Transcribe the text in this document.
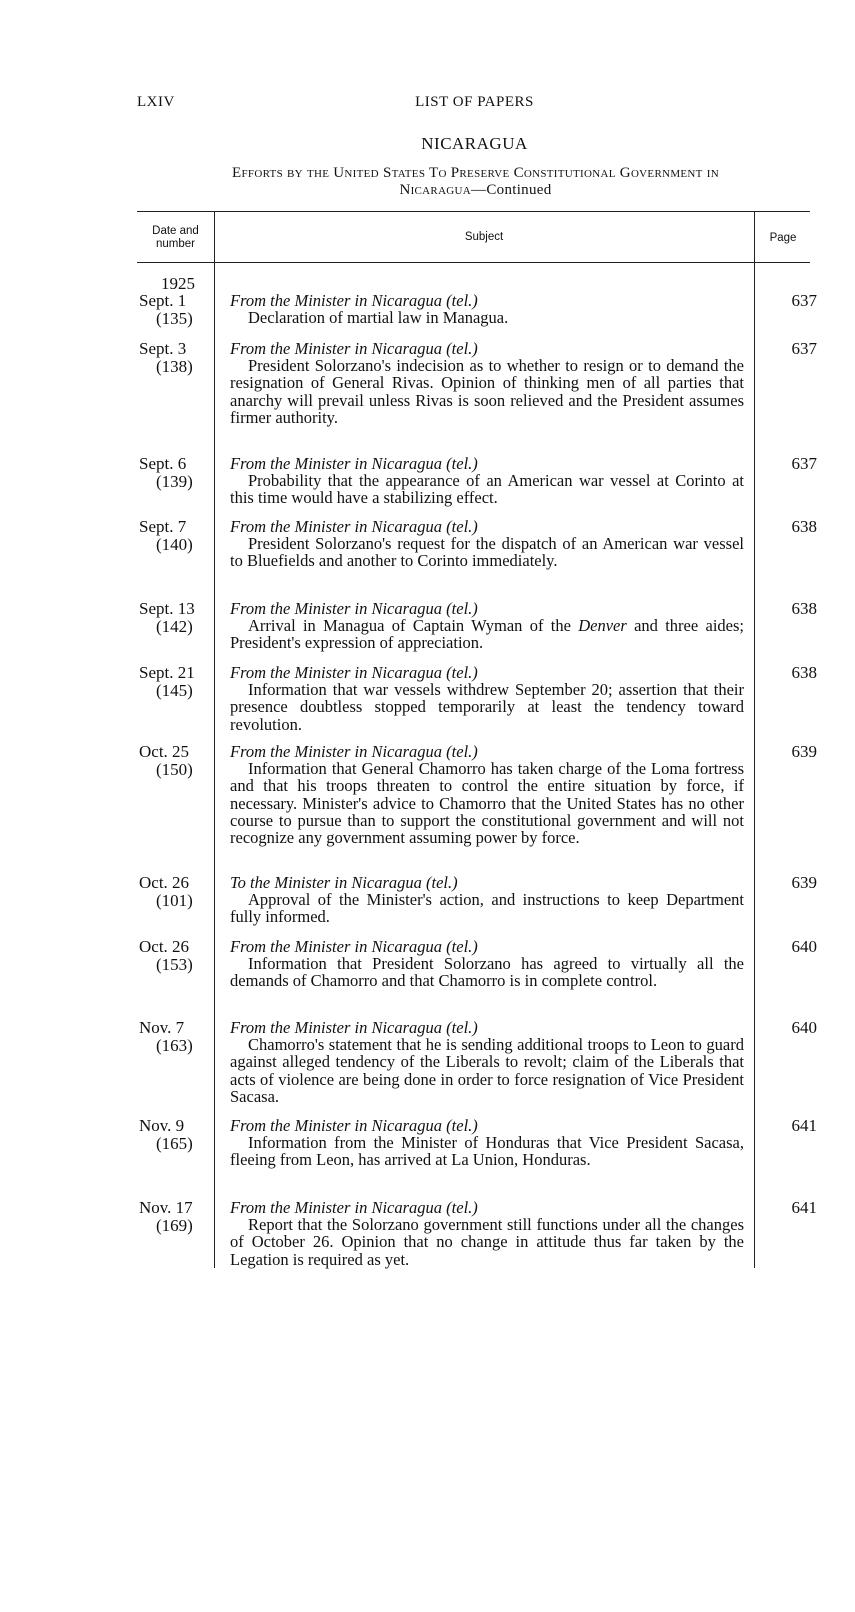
LXIV	LIST OF PAPERS
NICARAGUA
Efforts by the United States To Preserve Constitutional Government in
Nicaragua—Continued
Date and
number
Subject	Page
1925
Sept. 1
(135)
From the Minister in Nicaragua (tel.)
Declaration of martial law in Managua.
637
Sept. 3
(138)
From the Minister in Nicaragua (tel.)
President Solorzano's indecision as to whether to resign or to demand the resignation of General Rivas. Opinion of thinking men of all parties that anarchy will prevail unless Rivas is soon relieved and the President assumes firmer authority.
637
Sept. 6
(139)
From the Minister in Nicaragua (tel.)
Probability that the appearance of an American war vessel at Corinto at this time would have a stabilizing effect.
637
Sept. 7
(140)
From the Minister in Nicaragua (tel.)
President Solorzano's request for the dispatch of an American war vessel to Bluefields and another to Corinto immediately.
638
Sept. 13
(142)
From the Minister in Nicaragua (tel.)
Arrival in Managua of Captain Wyman of the Denver and three aides; President's expression of appreciation.
638
Sept. 21
(145)
From the Minister in Nicaragua (tel.)
Information that war vessels withdrew September 20; assertion that their presence doubtless stopped temporarily at least the tendency toward revolution.
638
Oct. 25
(150)
From the Minister in Nicaragua (tel.)
Information that General Chamorro has taken charge of the Loma fortress and that his troops threaten to control the entire situation by force, if necessary. Minister's advice to Chamorro that the United States has no other course to pursue than to support the constitutional government and will not recognize any government assuming power by force.
639
Oct. 26
(101)
To the Minister in Nicaragua (tel.)
Approval of the Minister's action, and instructions to keep Department fully informed.
639
Oct. 26
(153)
From the Minister in Nicaragua (tel.)
Information that President Solorzano has agreed to virtually all the demands of Chamorro and that Chamorro is in complete control.
640
Nov. 7
(163)
From the Minister in Nicaragua (tel.)
Chamorro's statement that he is sending additional troops to Leon to guard against alleged tendency of the Liberals to revolt; claim of the Liberals that acts of violence are being done in order to force resignation of Vice President Sacasa.
640
Nov. 9
(165)
From the Minister in Nicaragua (tel.)
Information from the Minister of Honduras that Vice President Sacasa, fleeing from Leon, has arrived at La Union, Honduras.
641
Nov. 17
(169)
From the Minister in Nicaragua (tel.)
Report that the Solorzano government still functions under all the changes of October 26. Opinion that no change in attitude thus far taken by the Legation is required as yet.
641
